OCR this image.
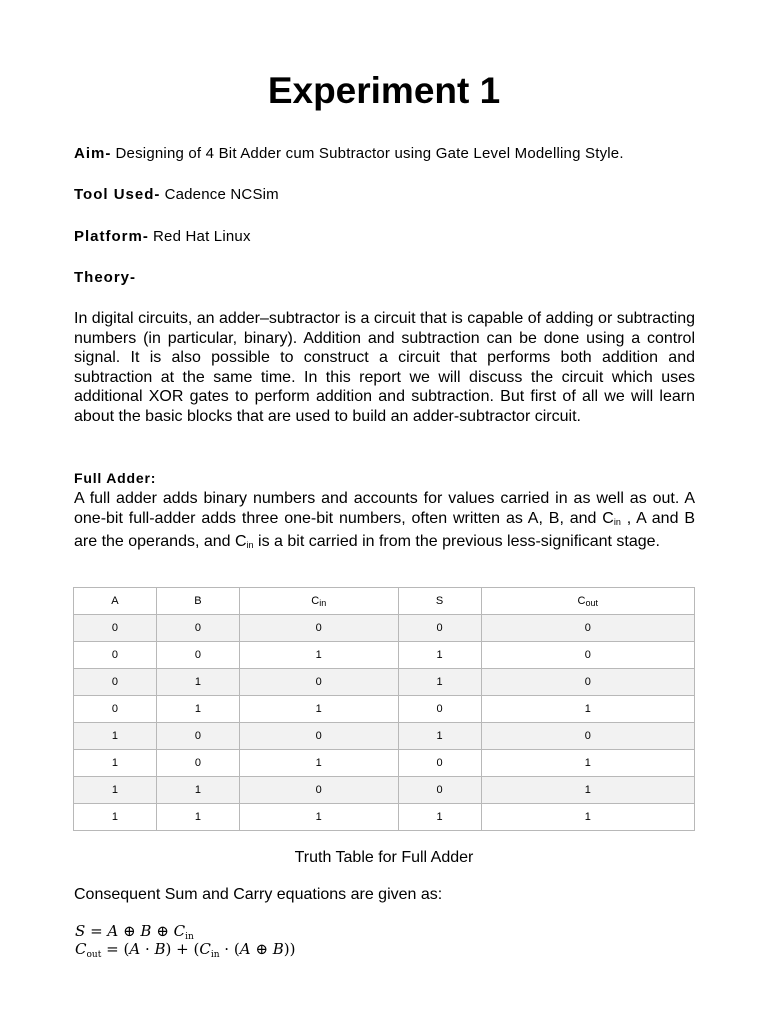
Experiment 1
Aim- Designing of 4 Bit Adder cum Subtractor using Gate Level Modelling Style.
Tool Used- Cadence NCSim
Platform- Red Hat Linux
Theory-
In digital circuits, an adder–subtractor is a circuit that is capable of adding or subtracting numbers (in particular, binary). Addition and subtraction can be done using a control signal. It is also possible to construct a circuit that performs both addition and subtraction at the same time. In this report we will discuss the circuit which uses additional XOR gates to perform addition and subtraction. But first of all we will learn about the basic blocks that are used to build an adder-subtractor circuit.
Full Adder:
A full adder adds binary numbers and accounts for values carried in as well as out. A one-bit full-adder adds three one-bit numbers, often written as A, B, and $C_{in}$ , A and B are the operands, and $C_{in}$ is a bit carried in from the previous less-significant stage.
A	B	$C_{in}$	S	$C_{out}$
0	0	0	0	0
0	0	1	1	0
0	1	0	1	0
0	1	1	0	1
1	0	0	1	0
1	0	1	0	1
1	1	0	0	1
1	1	1	1	1
Truth Table for Full Adder
Consequent Sum and Carry equations are given as:
S = A ⊕ B ⊕ $C_{in}$
$C_{out} = (A \cdot B) + (C_{in} \cdot (A$ ⊕ B))
